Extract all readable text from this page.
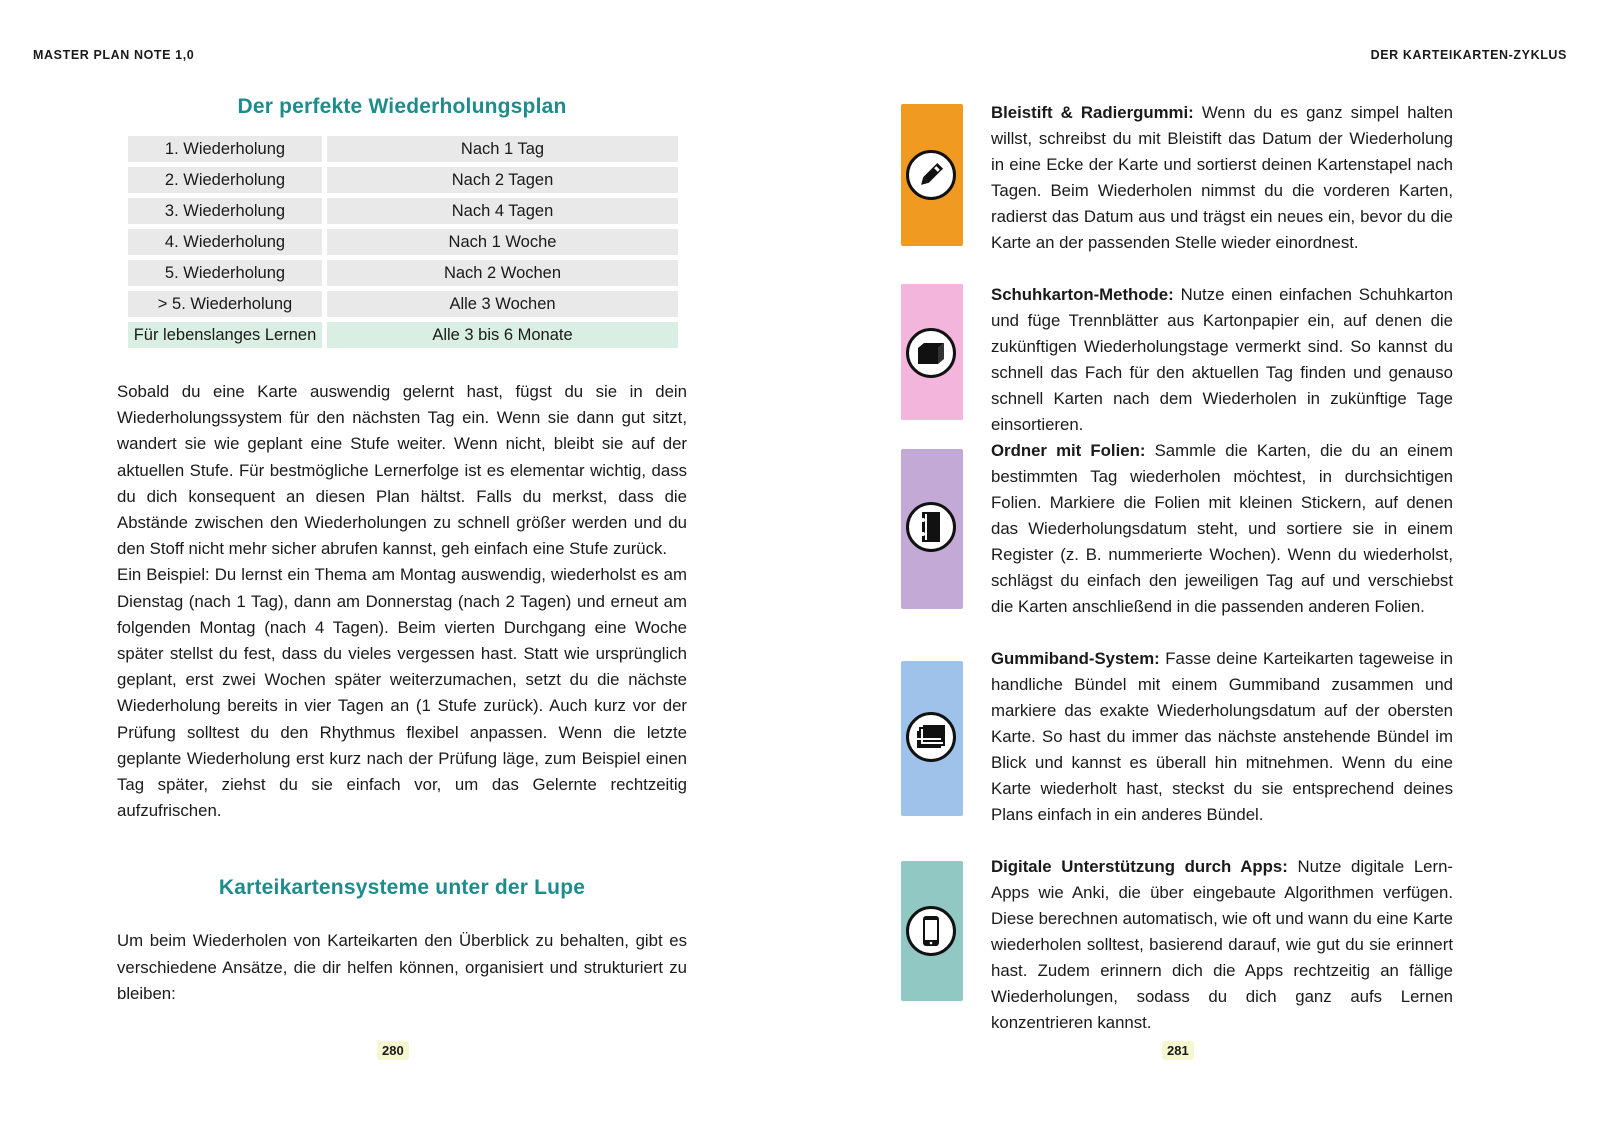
MASTER PLAN NOTE 1,0	DER KARTEIKARTEN-ZYKLUS
Der perfekte Wiederholungsplan
1. Wiederholung	Nach 1 Tag
2. Wiederholung	Nach 2 Tagen
3. Wiederholung	Nach 4 Tagen
4. Wiederholung	Nach 1 Woche
5. Wiederholung	Nach 2 Wochen
> 5. Wiederholung	Alle 3 Wochen
Für lebenslanges Lernen	Alle 3 bis 6 Monate

Sobald du eine Karte auswendig gelernt hast, fügst du sie in dein Wiederholungssystem für den nächsten Tag ein. Wenn sie dann gut sitzt, wandert sie wie geplant eine Stufe weiter. Wenn nicht, bleibt sie auf der aktuellen Stufe. Für bestmögliche Lernerfolge ist es elementar wichtig, dass du dich konsequent an diesen Plan hältst. Falls du merkst, dass die Abstände zwischen den Wiederholungen zu schnell größer werden und du den Stoff nicht mehr sicher abrufen kannst, geh einfach eine Stufe zurück.

Ein Beispiel: Du lernst ein Thema am Montag auswendig, wiederholst es am Dienstag (nach 1 Tag), dann am Donnerstag (nach 2 Tagen) und erneut am folgenden Montag (nach 4 Tagen). Beim vierten Durchgang eine Woche später stellst du fest, dass du vieles vergessen hast. Statt wie ursprünglich geplant, erst zwei Wochen später weiterzumachen, setzt du die nächste Wiederholung bereits in vier Tagen an (1 Stufe zurück). Auch kurz vor der Prüfung solltest du den Rhythmus flexibel anpassen. Wenn die letzte geplante Wiederholung erst kurz nach der Prüfung läge, zum Beispiel einen Tag später, ziehst du sie einfach vor, um das Gelernte rechtzeitig aufzufrischen.

Karteikartensysteme unter der Lupe

Um beim Wiederholen von Karteikarten den Überblick zu behalten, gibt es verschiedene Ansätze, die dir helfen können, organisiert und strukturiert zu bleiben:

280

Bleistift & Radiergummi: Wenn du es ganz simpel halten willst, schreibst du mit Bleistift das Datum der Wiederholung in eine Ecke der Karte und sortierst deinen Kartenstapel nach Tagen. Beim Wiederholen nimmst du die vorderen Karten, radierst das Datum aus und trägst ein neues ein, bevor du die Karte an der passenden Stelle wieder einordnest.

Schuhkarton-Methode: Nutze einen einfachen Schuhkarton und füge Trennblätter aus Kartonpapier ein, auf denen die zukünftigen Wiederholungstage vermerkt sind. So kannst du schnell das Fach für den aktuellen Tag finden und genauso schnell Karten nach dem Wiederholen in zukünftige Tage einsortieren.

Ordner mit Folien: Sammle die Karten, die du an einem bestimmten Tag wiederholen möchtest, in durchsichtigen Folien. Markiere die Folien mit kleinen Stickern, auf denen das Wiederholungsdatum steht, und sortiere sie in einem Register (z. B. nummerierte Wochen). Wenn du wiederholst, schlägst du einfach den jeweiligen Tag auf und verschiebst die Karten anschließend in die passenden anderen Folien.

Gummiband-System: Fasse deine Karteikarten tageweise in handliche Bündel mit einem Gummiband zusammen und markiere das exakte Wiederholungsdatum auf der obersten Karte. So hast du immer das nächste anstehende Bündel im Blick und kannst es überall hin mitnehmen. Wenn du eine Karte wiederholt hast, steckst du sie entsprechend deines Plans einfach in ein anderes Bündel.

Digitale Unterstützung durch Apps: Nutze digitale Lern-Apps wie Anki, die über eingebaute Algorithmen verfügen. Diese berechnen automatisch, wie oft und wann du eine Karte wiederholen solltest, basierend darauf, wie gut du sie erinnert hast. Zudem erinnern dich die Apps rechtzeitig an fällige Wiederholungen, sodass du dich ganz aufs Lernen konzentrieren kannst.

281
